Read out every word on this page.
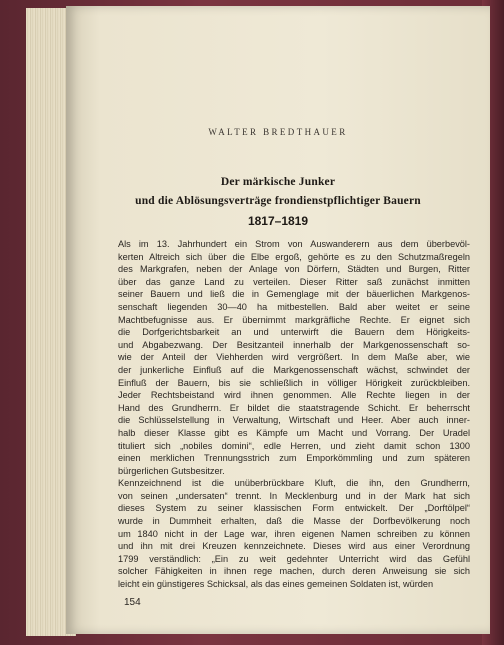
WALTER BREDTHAUER
Der märkische Junker
und die Ablösungsverträge frondienstpflichtiger Bauern
1817–1819
Als im 13. Jahrhundert ein Strom von Auswanderern aus dem überbevöl-
kerten Altreich sich über die Elbe ergoß, gehörte es zu den Schutzmaßregeln
des Markgrafen, neben der Anlage von Dörfern, Städten und Burgen, Ritter
über das ganze Land zu verteilen. Dieser Ritter saß zunächst inmitten
seiner Bauern und ließ die in Gemenglage mit der bäuerlichen Markgenos-
senschaft liegenden 30—40 ha mitbestellen. Bald aber weitet er seine
Machtbefugnisse aus. Er übernimmt markgräfliche Rechte. Er eignet sich
die Dorfgerichtsbarkeit an und unterwirft die Bauern dem Hörigkeits-
und Abgabezwang. Der Besitzanteil innerhalb der Markgenossenschaft so-
wie der Anteil der Viehherden wird vergrößert. In dem Maße aber, wie
der junkerliche Einfluß auf die Markgenossenschaft wächst, schwindet der
Einfluß der Bauern, bis sie schließlich in völliger Hörigkeit zurückbleiben.
Jeder Rechtsbeistand wird ihnen genommen. Alle Rechte liegen in der
Hand des Grundherrn. Er bildet die staatstragende Schicht. Er beherrscht
die Schlüsselstellung in Verwaltung, Wirtschaft und Heer. Aber auch inner-
halb dieser Klasse gibt es Kämpfe um Macht und Vorrang. Der Uradel
tituliert sich „nobiles domini“, edle Herren, und zieht damit schon 1300
einen merklichen Trennungsstrich zum Emporkömmling und zum späteren
bürgerlichen Gutsbesitzer.
Kennzeichnend ist die unüberbrückbare Kluft, die ihn, den Grundherrn,
von seinen „undersaten“ trennt. In Mecklenburg und in der Mark hat sich
dieses System zu seiner klassischen Form entwickelt. Der „Dorftölpel“
wurde in Dummheit erhalten, daß die Masse der Dorfbevölkerung noch
um 1840 nicht in der Lage war, ihren eigenen Namen schreiben zu können
und ihn mit drei Kreuzen kennzeichnete. Dieses wird aus einer Verordnung
1799 verständlich: „Ein zu weit gedehnter Unterricht wird das Gefühl
solcher Fähigkeiten in ihnen rege machen, durch deren Anweisung sie sich
leicht ein günstigeres Schicksal, als das eines gemeinen Soldaten ist, würden
154
